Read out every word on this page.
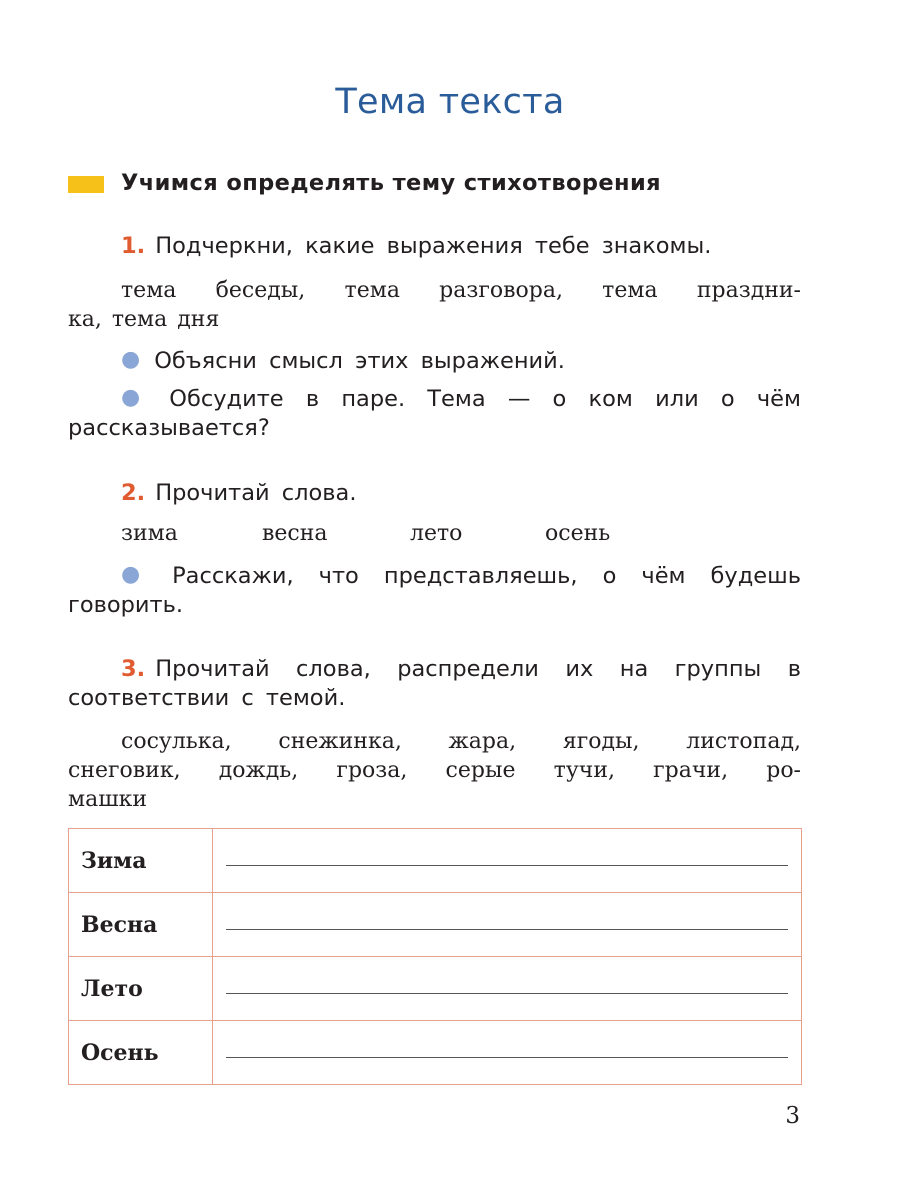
Тема текста
Учимся определять тему стихотворения
1. Подчеркни, какие выражения тебе знакомы.
тема беседы, тема разговора, тема праздни-
ка, тема дня
● Объясни смысл этих выражений.
● Обсудите в паре. Тема — о ком или о чём
рассказывается?
2. Прочитай слова.
зима	весна	лето	осень
● Расскажи, что представляешь, о чём будешь
говорить.
3. Прочитай слова, распредели их на группы в
соответствии с темой.
сосулька, снежинка, жара, ягоды, листопад,
снеговик, дождь, гроза, серые тучи, грачи, ро-
машки
Зима	

Весна	

Лето	

Осень	
3
